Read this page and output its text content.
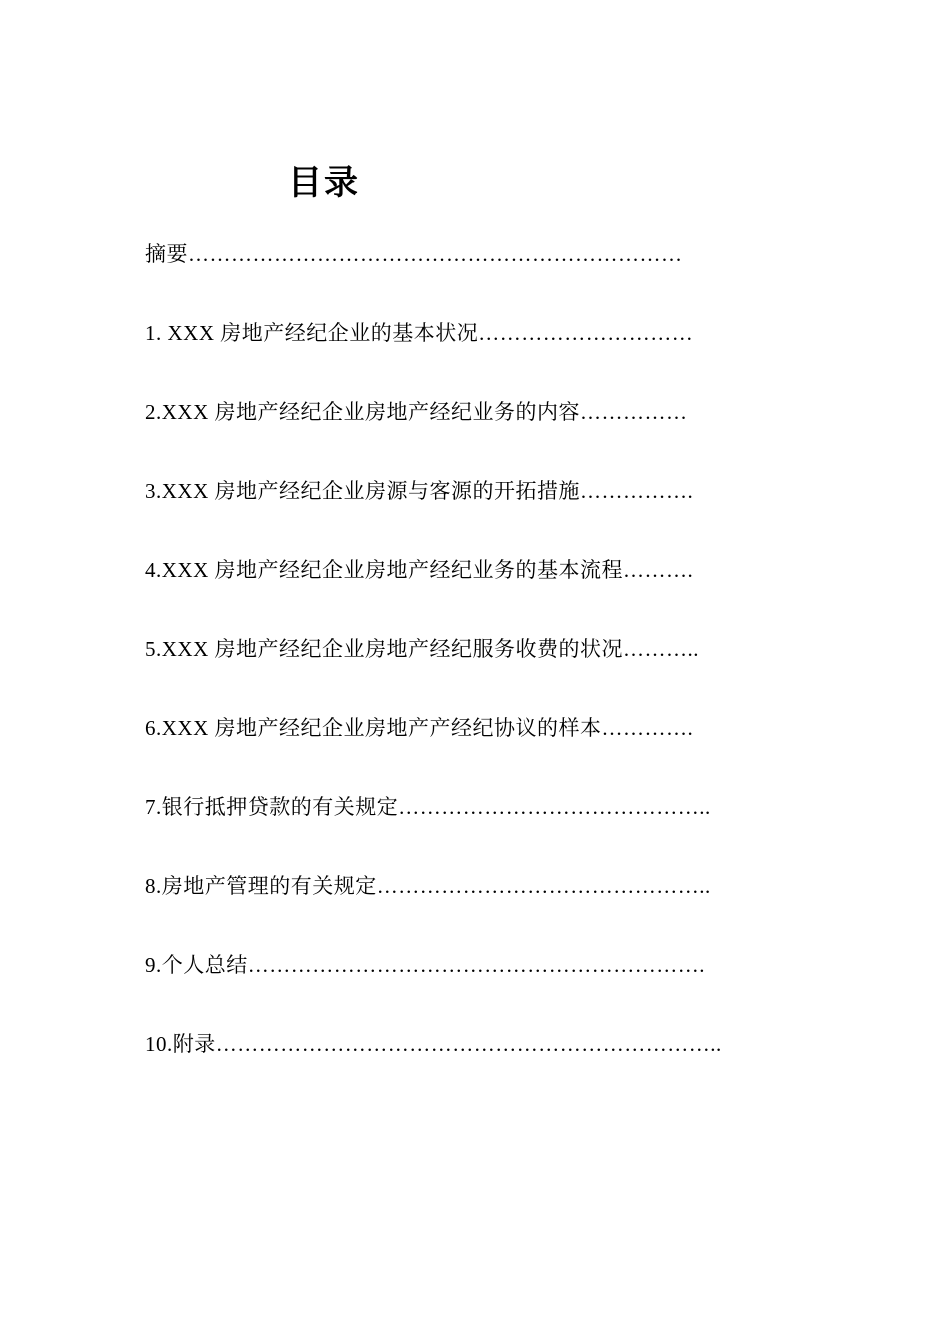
目录
摘要……………………………………………………………
1. XXX 房地产经纪企业的基本状况…………………………
2.XXX 房地产经纪企业房地产经纪业务的内容……………
3.XXX 房地产经纪企业房源与客源的开拓措施…………….
4.XXX 房地产经纪企业房地产经纪业务的基本流程……….
5.XXX 房地产经纪企业房地产经纪服务收费的状况………..
6.XXX 房地产经纪企业房地产产经纪协议的样本………….
7.银行抵押贷款的有关规定……………………………………..
8.房地产管理的有关规定………………………………………..
9.个人总结……………………………………………………….
10.附录……………………………………………………………..
